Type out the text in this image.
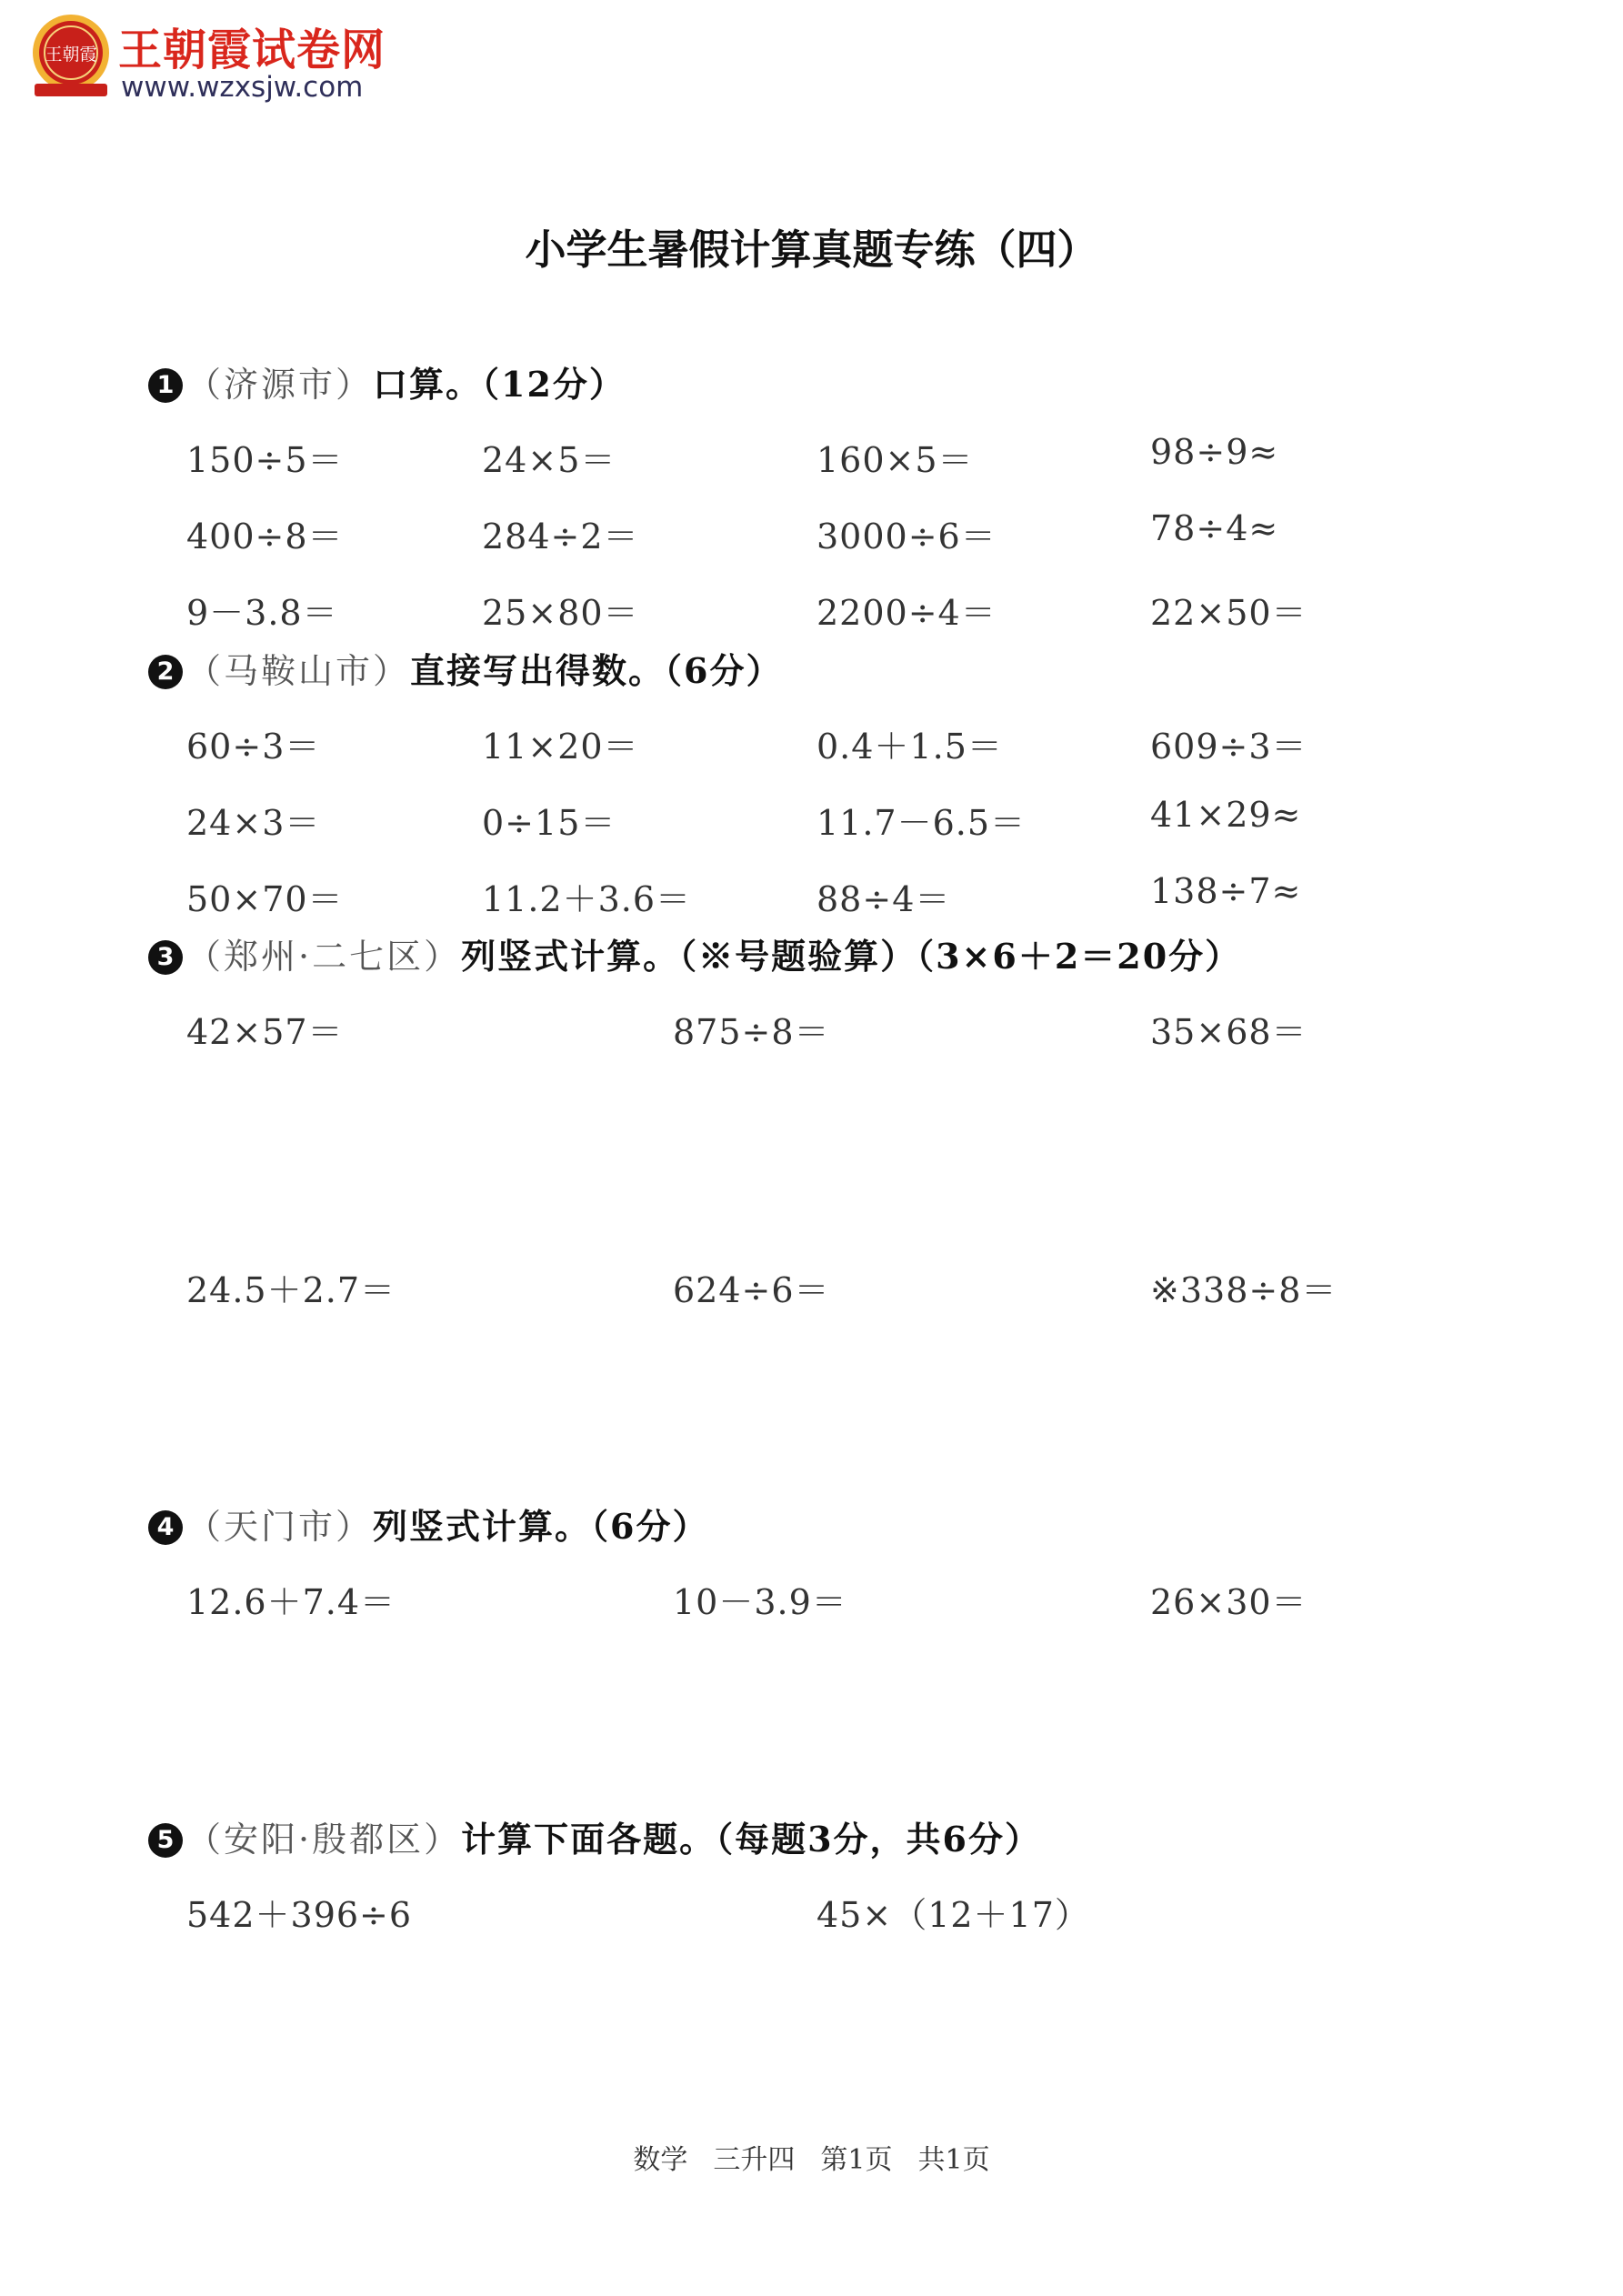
王朝霞 王朝霞试卷网
www.wzxsjw.com
小学生暑假计算真题专练（四）
1 （济源市）口算。（12分）
150÷5＝	24×5＝	160×5＝	98÷9≈
400÷8＝	284÷2＝	3000÷6＝	78÷4≈
9－3.8＝	25×80＝	2200÷4＝	22×50＝
2 （马鞍山市）直接写出得数。（6分）
60÷3＝	11×20＝	0.4＋1.5＝	609÷3＝
24×3＝	0÷15＝	11.7－6.5＝	41×29≈
50×70＝	11.2＋3.6＝	88÷4＝	138÷7≈
3 （郑州·二七区）列竖式计算。（※号题验算）（3×6＋2＝20分）
42×57＝	875÷8＝	35×68＝
24.5＋2.7＝	624÷6＝	※338÷8＝
4 （天门市）列竖式计算。（6分）
12.6＋7.4＝	10－3.9＝	26×30＝
5 （安阳·殷都区）计算下面各题。（每题3分，共6分）
542＋396÷6	45×（12＋17）
数学 三升四 第1页 共1页
